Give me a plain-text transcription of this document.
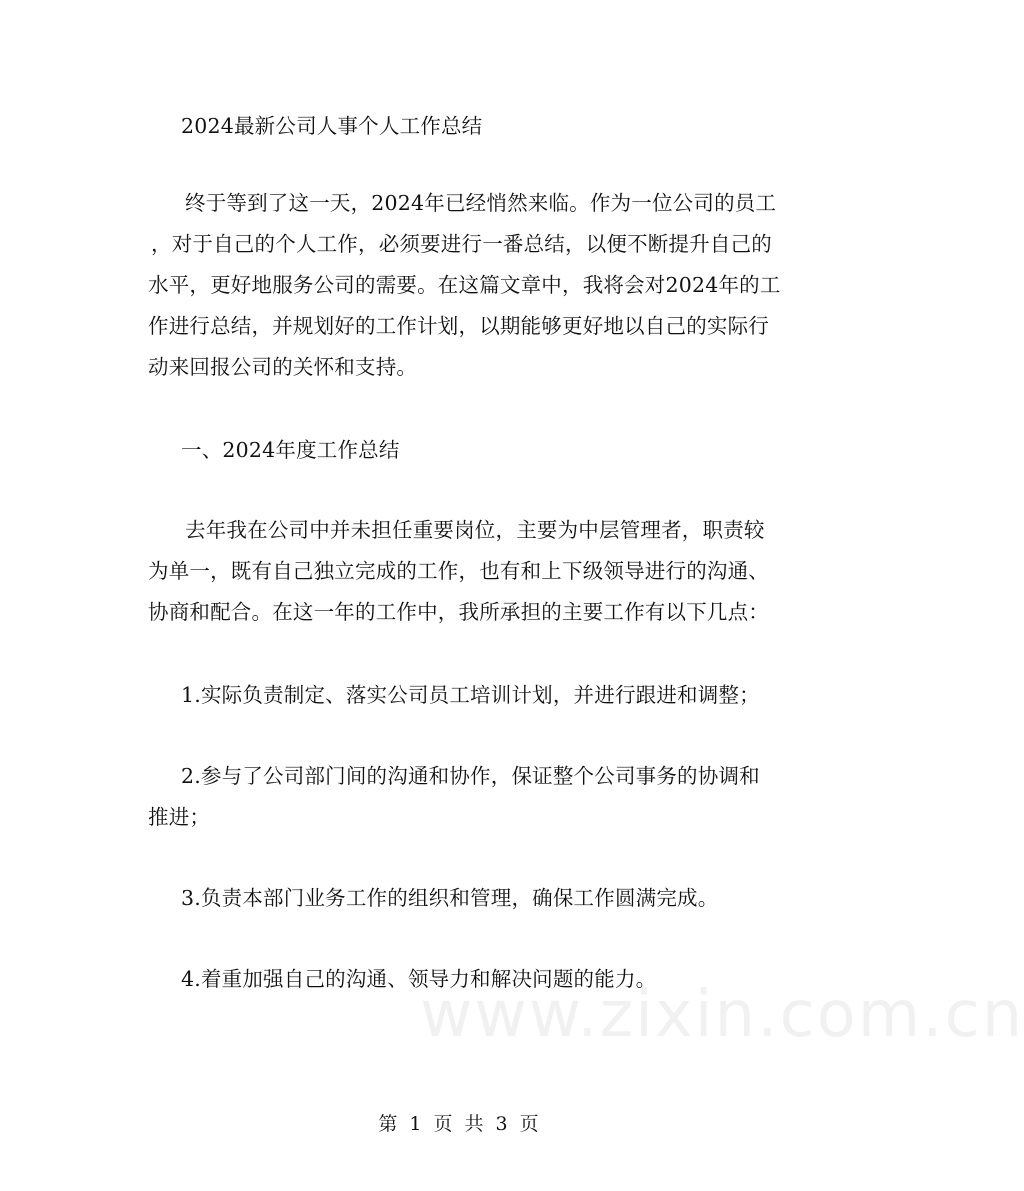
2024最新公司人事个人工作总结
终于等到了这一天，2024年已经悄然来临。作为一位公司的员工
，对于自己的个人工作，必须要进行一番总结，以便不断提升自己的
水平，更好地服务公司的需要。在这篇文章中，我将会对2024年的工
作进行总结，并规划好的工作计划，以期能够更好地以自己的实际行
动来回报公司的关怀和支持。
一、2024年度工作总结
去年我在公司中并未担任重要岗位，主要为中层管理者，职责较
为单一，既有自己独立完成的工作，也有和上下级领导进行的沟通、
协商和配合。在这一年的工作中，我所承担的主要工作有以下几点：
1.实际负责制定、落实公司员工培训计划，并进行跟进和调整；
2.参与了公司部门间的沟通和协作，保证整个公司事务的协调和
推进；
3.负责本部门业务工作的组织和管理，确保工作圆满完成。
4.着重加强自己的沟通、领导力和解决问题的能力。
www.zixin.com.cn
第 1 页 共 3 页
